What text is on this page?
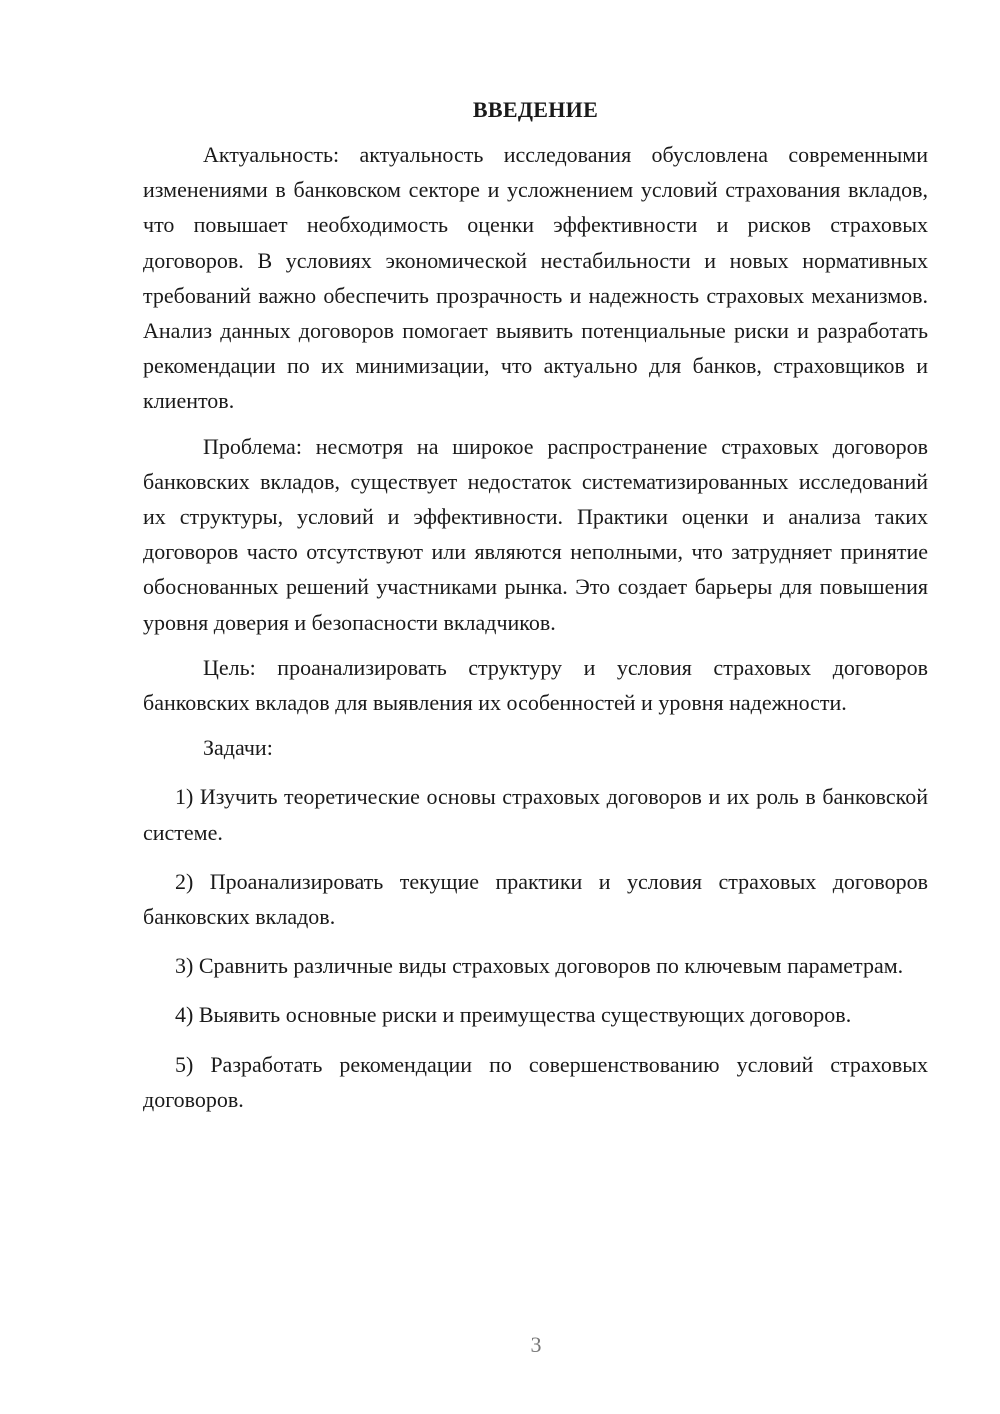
ВВЕДЕНИЕ

Актуальность: актуальность исследования обусловлена современными изменениями в банковском секторе и усложнением условий страхования вкладов, что повышает необходимость оценки эффективности и рисков страховых договоров. В условиях экономической нестабильности и новых нормативных требований важно обеспечить прозрачность и надежность страховых механизмов. Анализ данных договоров помогает выявить потенциальные риски и разработать рекомендации по их минимизации, что актуально для банков, страховщиков и клиентов.

Проблема: несмотря на широкое распространение страховых договоров банковских вкладов, существует недостаток систематизированных исследований их структуры, условий и эффективности. Практики оценки и анализа таких договоров часто отсутствуют или являются неполными, что затрудняет принятие обоснованных решений участниками рынка. Это создает барьеры для повышения уровня доверия и безопасности вкладчиков.

Цель: проанализировать структуру и условия страховых договоров банковских вкладов для выявления их особенностей и уровня надежности.

Задачи:

1) Изучить теоретические основы страховых договоров и их роль в банковской системе.

2) Проанализировать текущие практики и условия страховых договоров банковских вкладов.

3) Сравнить различные виды страховых договоров по ключевым параметрам.

4) Выявить основные риски и преимущества существующих договоров.

5) Разработать рекомендации по совершенствованию условий страховых договоров.

3
